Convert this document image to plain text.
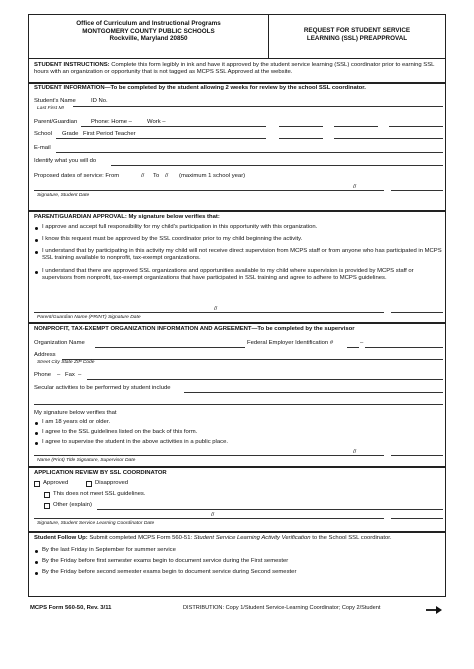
Office of Curriculum and Instructional Programs
MONTGOMERY COUNTY PUBLIC SCHOOLS
Rockville, Maryland 20850
REQUEST FOR STUDENT SERVICE
LEARNING (SSL) PREAPPROVAL
STUDENT INSTRUCTIONS: Complete this form legibly in ink and have it approved by the student service learning (SSL) coordinator prior to earning SSL hours with an organization or opportunity that is not tagged as MCPS SSL Approved at the website.
STUDENT INFORMATION—To be completed by the student allowing 2 weeks for review by the school SSL coordinator.
Student’s Name	ID No.
Last First MI
Parent/Guardian Phone: Home –	Work –
School Grade First Period Teacher
E-mail
Identify what you will do
Proposed dates of service: From	// To // (maximum 1 school year)
//
Signature, Student Date
PARENT/GUARDIAN APPROVAL: My signature below verifies that:
I approve and accept full responsibility for my child’s participation in this opportunity with this organization.
I know this request must be approved by the SSL coordinator prior to my child beginning the activity.
I understand that by participating in this activity my child will not receive direct supervision from MCPS staff or from anyone who has participated in MCPS SSL training available to nonprofit, tax-exempt organizations.
I understand that there are approved SSL organizations and opportunities available to my child where supervision is provided by MCPS staff or supervisors from nonprofit, tax-exempt organizations that have participated in SSL training and agree to adhere to MCPS guidelines.
//
Parent/Guardian Name (PRINT) Signature Date
NONPROFIT, TAX-EXEMPT ORGANIZATION INFORMATION AND AGREEMENT—To be completed by the supervisor
Organization Name	Federal Employer Identification #	–
Address
Street City State ZIP Code
Phone – Fax –
Secular activities to be performed by student include
My signature below verifies that
I am 18 years old or older.
I agree to the SSL guidelines listed on the back of this form.
I agree to supervise the student in the above activities in a public place.
//
Name (Print) Title Signature, Supervisor Date
APPLICATION REVIEW BY SSL COORDINATOR
Approved	Disapproved
This does not meet SSL guidelines.
Other (explain)
//
Signature, Student Service Learning Coordinator Date
Student Follow Up: Submit completed MCPS Form 560-51: Student Service Learning Activity Verification to the School SSL coordinator.
By the last Friday in September for summer service
By the Friday before first semester exams begin to document service during the First semester
By the Friday before second semester exams begin to document service during Second semester
MCPS Form 560-50, Rev. 3/11	DISTRIBUTION: Copy 1/Student Service-Learning Coordinator; Copy 2/Student
